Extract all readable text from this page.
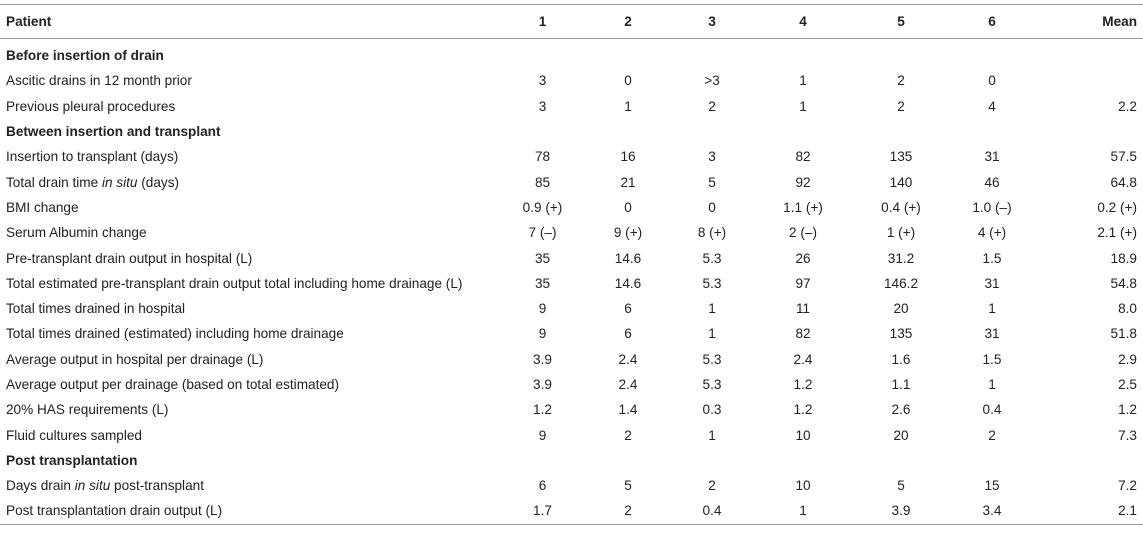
Patient	1	2	3	4	5	6	Mean
Before insertion of drain
Ascitic drains in 12 month prior	3	0	>3	1	2	0
Previous pleural procedures	3	1	2	1	2	4	2.2
Between insertion and transplant
Insertion to transplant (days)	78	16	3	82	135	31	57.5
Total drain time in situ (days)	85	21	5	92	140	46	64.8
BMI change	0.9 (+)	0	0	1.1 (+)	0.4 (+)	1.0 (–)	0.2 (+)
Serum Albumin change	7 (–)	9 (+)	8 (+)	2 (–)	1 (+)	4 (+)	2.1 (+)
Pre-transplant drain output in hospital (L)	35	14.6	5.3	26	31.2	1.5	18.9
Total estimated pre-transplant drain output total including home drainage (L)	35	14.6	5.3	97	146.2	31	54.8
Total times drained in hospital	9	6	1	11	20	1	8.0
Total times drained (estimated) including home drainage	9	6	1	82	135	31	51.8
Average output in hospital per drainage (L)	3.9	2.4	5.3	2.4	1.6	1.5	2.9
Average output per drainage (based on total estimated)	3.9	2.4	5.3	1.2	1.1	1	2.5
20% HAS requirements (L)	1.2	1.4	0.3	1.2	2.6	0.4	1.2
Fluid cultures sampled	9	2	1	10	20	2	7.3
Post transplantation
Days drain in situ post-transplant	6	5	2	10	5	15	7.2
Post transplantation drain output (L)	1.7	2	0.4	1	3.9	3.4	2.1
